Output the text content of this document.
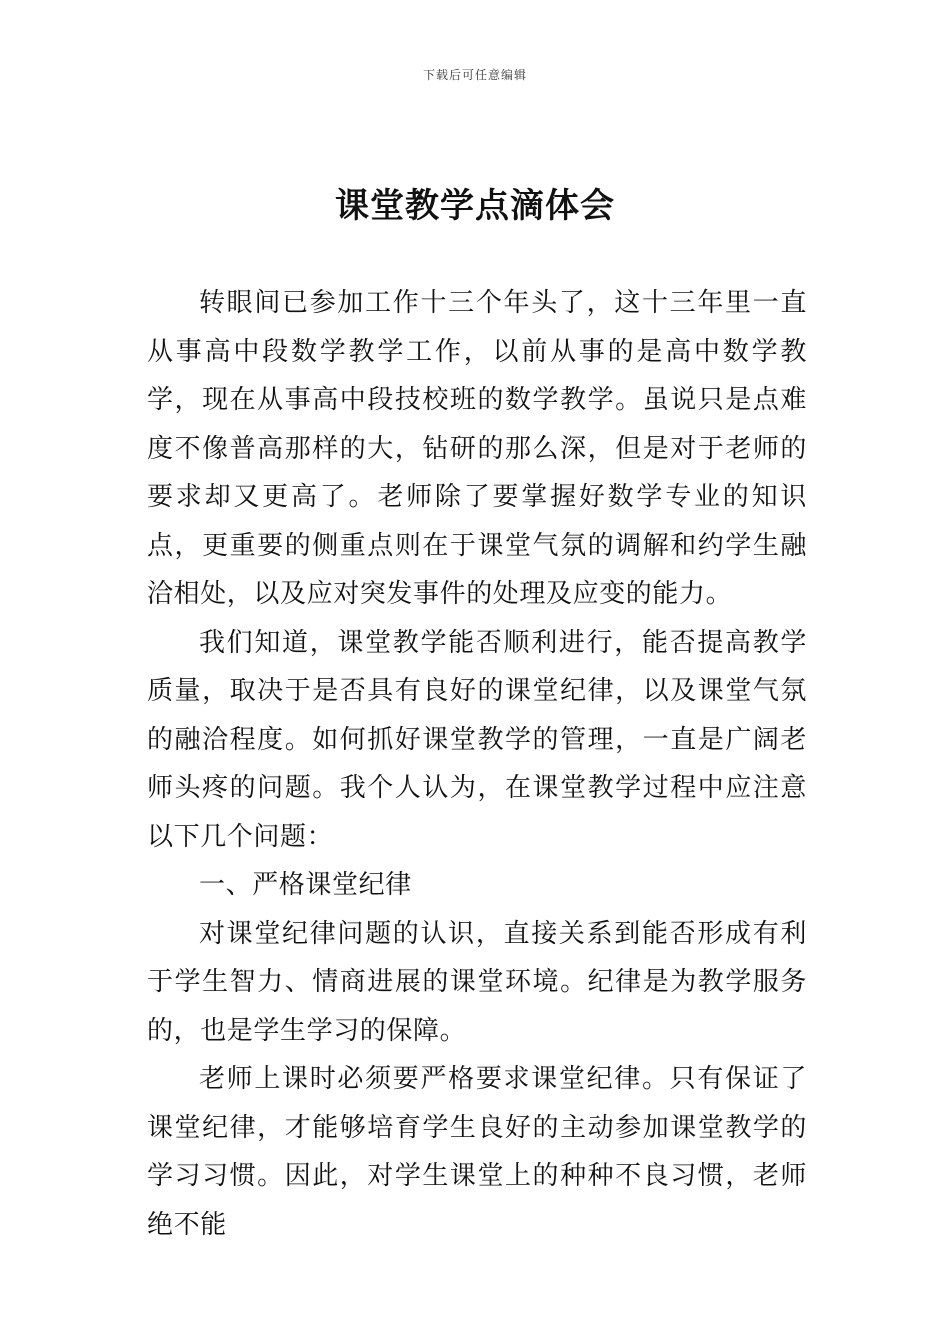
下载后可任意编辑
课堂教学点滴体会

转眼间已参加工作十三个年头了，这十三年里一直从事高中段数学教学工作，以前从事的是高中数学教学，现在从事高中段技校班的数学教学。虽说只是点难度不像普高那样的大，钻研的那么深，但是对于老师的要求却又更高了。老师除了要掌握好数学专业的知识点，更重要的侧重点则在于课堂气氛的调解和约学生融洽相处，以及应对突发事件的处理及应变的能力。

我们知道，课堂教学能否顺利进行，能否提高教学质量，取决于是否具有良好的课堂纪律，以及课堂气氛的融洽程度。如何抓好课堂教学的管理，一直是广阔老师头疼的问题。我个人认为，在课堂教学过程中应注意以下几个问题：

一、严格课堂纪律

对课堂纪律问题的认识，直接关系到能否形成有利于学生智力、情商进展的课堂环境。纪律是为教学服务的，也是学生学习的保障。

老师上课时必须要严格要求课堂纪律。只有保证了课堂纪律，才能够培育学生良好的主动参加课堂教学的学习习惯。因此，对学生课堂上的种种不良习惯，老师绝不能
